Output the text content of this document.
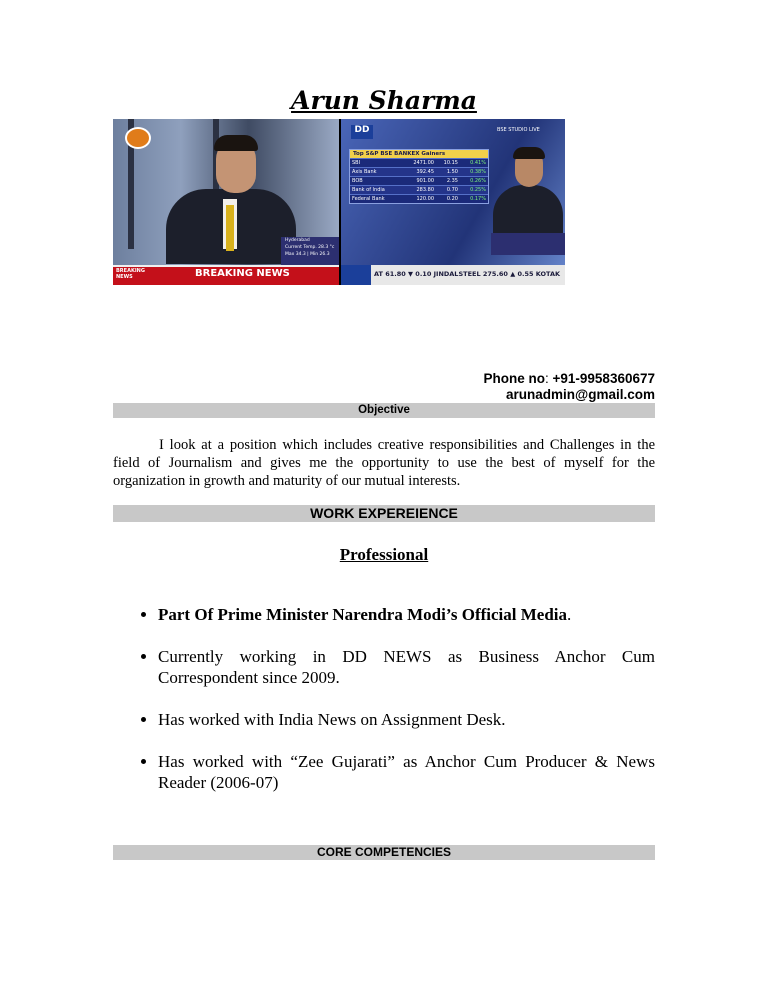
Arun Sharma
Hyderabad
Current Temp. 28.3 °c
Max 34.3 | Min 26.3
BREAKING NEWS	BREAKING NEWS
DD	BSE STUDIO LIVE
Top S&P BSE BANKEX Gainers
SBI	2471.00	10.15	0.41%
Axis Bank	392.45	1.50	0.38%
BOB	901.00	2.35	0.26%
Bank of India	283.80	0.70	0.25%
Federal Bank	120.00	0.20	0.17%
AT 61.80 ▼ 0.10 JINDALSTEEL 275.60 ▲ 0.55 KOTAK
Phone no: +91-9958360677
arunadmin@gmail.com
Objective
I look at a position which includes creative responsibilities and Challenges in the field of Journalism and gives me the opportunity to use the best of myself for the organization in growth and maturity of our mutual interests.
WORK EXPEREIENCE
Professional
• Part Of Prime Minister Narendra Modi’s Official Media.
• Currently working in DD NEWS as Business Anchor Cum Correspondent since 2009.
• Has worked with India News on Assignment Desk.
• Has worked with “Zee Gujarati” as Anchor Cum Producer & News Reader (2006-07)
CORE COMPETENCIES
